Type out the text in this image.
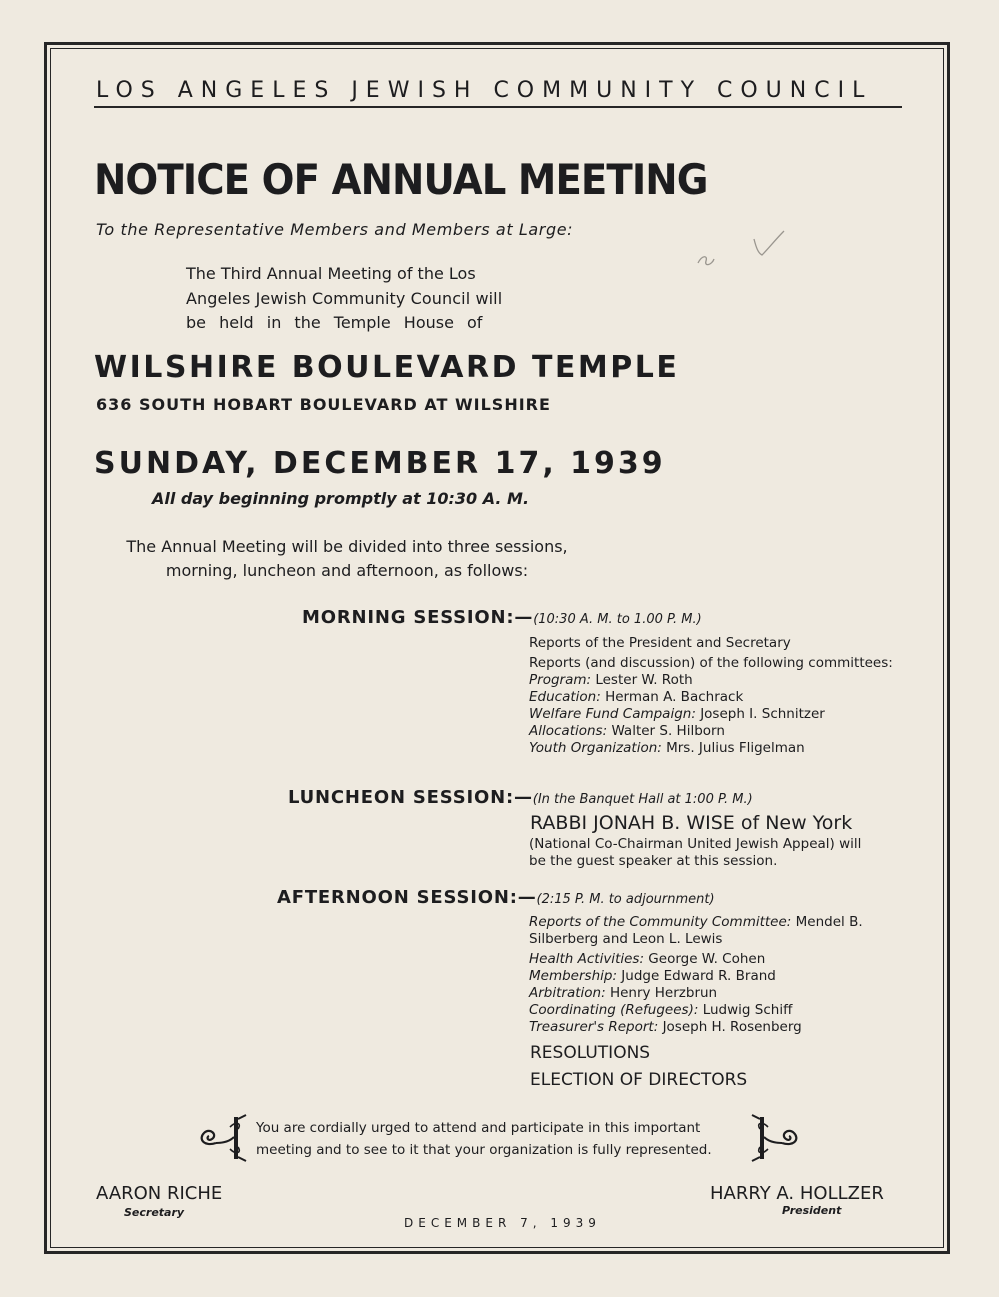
LOS ANGELES JEWISH COMMUNITY COUNCIL
NOTICE OF ANNUAL MEETING
To the Representative Members and Members at Large:
The Third Annual Meeting of the Los
Angeles Jewish Community Council will
be held in the Temple House of
WILSHIRE BOULEVARD TEMPLE
636 SOUTH HOBART BOULEVARD AT WILSHIRE
SUNDAY, DECEMBER 17, 1939
All day beginning promptly at 10:30 A. M.
The Annual Meeting will be divided into three sessions,
morning, luncheon and afternoon, as follows:
MORNING SESSION:—(10:30 A. M. to 1.00 P. M.)
Reports of the President and Secretary
Reports (and discussion) of the following committees:
Program: Lester W. Roth
Education: Herman A. Bachrack
Welfare Fund Campaign: Joseph I. Schnitzer
Allocations: Walter S. Hilborn
Youth Organization: Mrs. Julius Fligelman
LUNCHEON SESSION:—(In the Banquet Hall at 1:00 P. M.)
RABBI JONAH B. WISE of New York
(National Co-Chairman United Jewish Appeal) will
be the guest speaker at this session.
AFTERNOON SESSION:—(2:15 P. M. to adjournment)
Reports of the Community Committee: Mendel B.
Silberberg and Leon L. Lewis
Health Activities: George W. Cohen
Membership: Judge Edward R. Brand
Arbitration: Henry Herzbrun
Coordinating (Refugees): Ludwig Schiff
Treasurer's Report: Joseph H. Rosenberg
RESOLUTIONS
ELECTION OF DIRECTORS
You are cordially urged to attend and participate in this important
meeting and to see to it that your organization is fully represented.
AARON RICHE
Secretary
HARRY A. HOLLZER
President
DECEMBER 7, 1939
